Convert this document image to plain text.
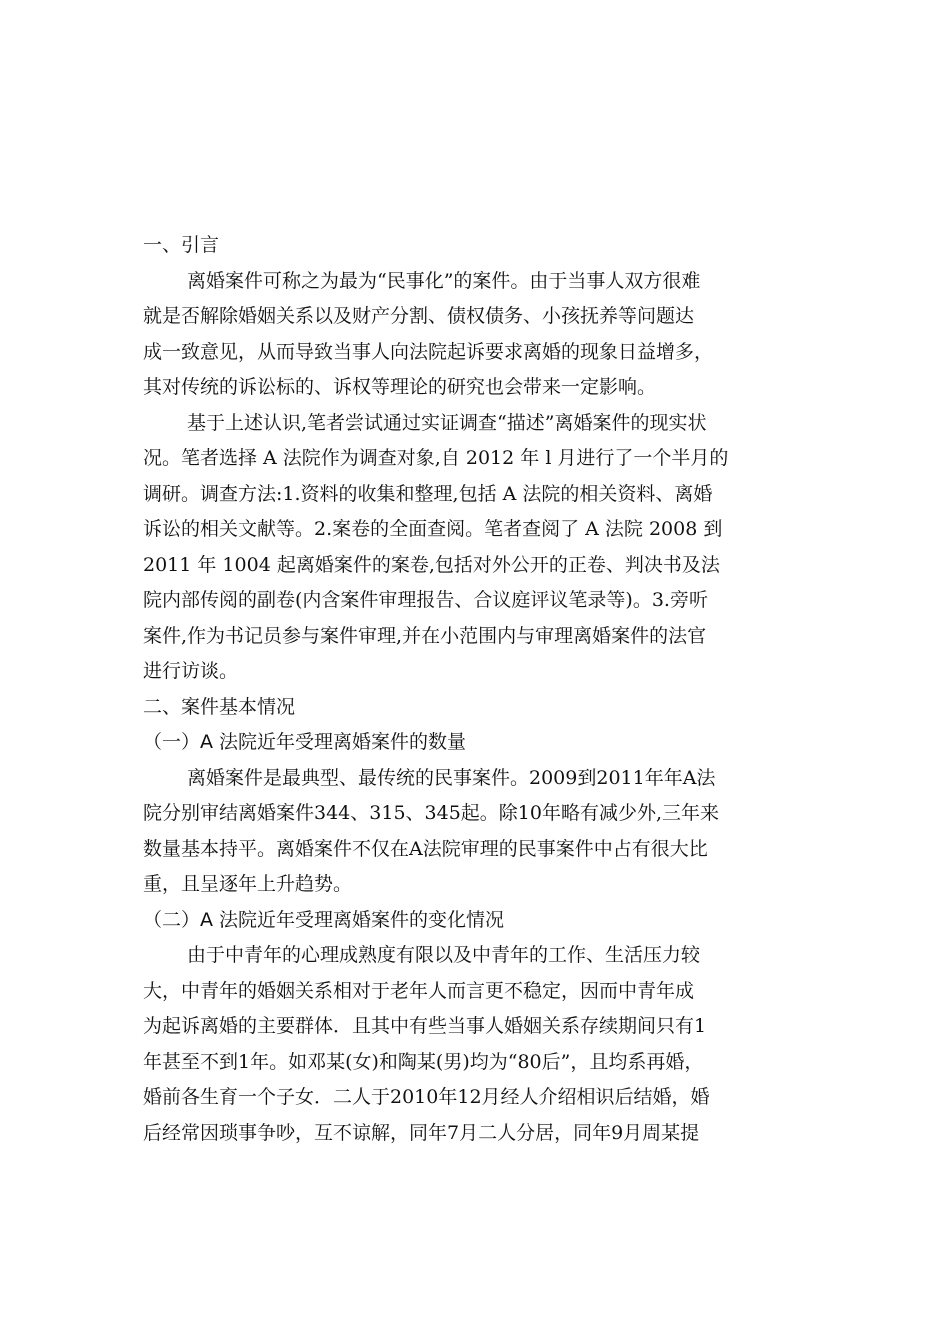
一、引言
离婚案件可称之为最为“民事化”的案件。由于当事人双方很难
就是否解除婚姻关系以及财产分割、债权债务、小孩抚养等问题达
成一致意见，从而导致当事人向法院起诉要求离婚的现象日益增多，
其对传统的诉讼标的、诉权等理论的研究也会带来一定影响。
基于上述认识,笔者尝试通过实证调查“描述”离婚案件的现实状
况。笔者选择 A 法院作为调查对象,自 2012 年 l 月进行了一个半月的
调研。调查方法:1.资料的收集和整理,包括 A 法院的相关资料、离婚
诉讼的相关文献等。2.案卷的全面查阅。笔者查阅了 A 法院 2008 到
2011 年 1004 起离婚案件的案卷,包括对外公开的正卷、判决书及法
院内部传阅的副卷(内含案件审理报告、合议庭评议笔录等)。3.旁听
案件,作为书记员参与案件审理,并在小范围内与审理离婚案件的法官
进行访谈。
二、案件基本情况
（一）A 法院近年受理离婚案件的数量
离婚案件是最典型、最传统的民事案件。2009到2011年年A法
院分别审结离婚案件344、315、345起。除10年略有减少外,三年来
数量基本持平。离婚案件不仅在A法院审理的民事案件中占有很大比
重，且呈逐年上升趋势。
（二）A 法院近年受理离婚案件的变化情况
由于中青年的心理成熟度有限以及中青年的工作、生活压力较
大，中青年的婚姻关系相对于老年人而言更不稳定，因而中青年成
为起诉离婚的主要群体．且其中有些当事人婚姻关系存续期间只有1
年甚至不到1年。如邓某(女)和陶某(男)均为“80后”，且均系再婚，
婚前各生育一个子女．二人于2010年12月经人介绍相识后结婚，婚
后经常因琐事争吵，互不谅解，同年7月二人分居，同年9月周某提
